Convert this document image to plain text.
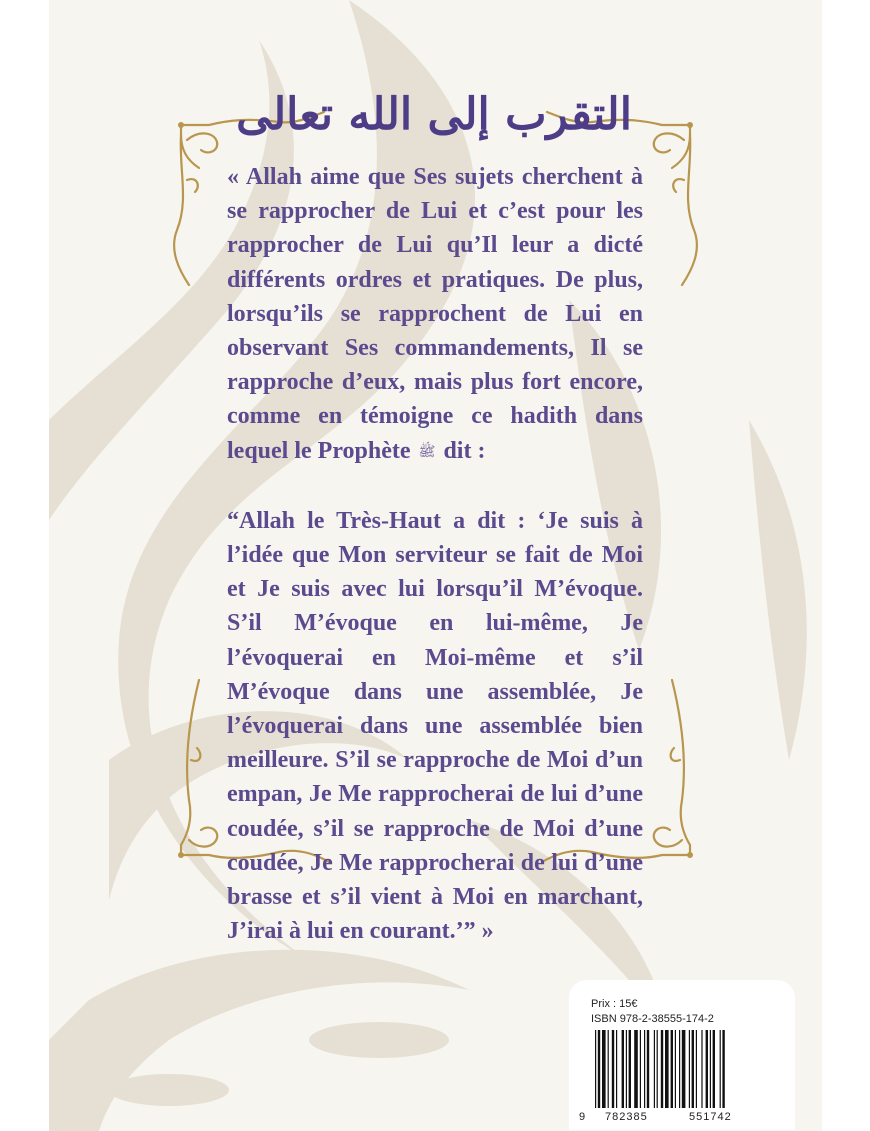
التقرب إلى الله تعالى

« Allah aime que Ses sujets cherchent à se rapprocher de Lui et c’est pour les rapprocher de Lui qu’Il leur a dicté différents ordres et pratiques. De plus, lorsqu’ils se rapprochent de Lui en observant Ses commandements, Il se rapproche d’eux, mais plus fort encore, comme en témoigne ce hadith dans lequel le Prophète ﷺ dit :

“Allah le Très-Haut a dit : ‘Je suis à l’idée que Mon serviteur se fait de Moi et Je suis avec lui lorsqu’il M’évoque. S’il M’évoque en lui-même, Je l’évoquerai en Moi-même et s’il M’évoque dans une assemblée, Je l’évoquerai dans une assemblée bien meilleure. S’il se rapproche de Moi d’un empan, Je Me rapprocherai de lui d’une coudée, s’il se rapproche de Moi d’une coudée, Je Me rapprocherai de lui d’une brasse et s’il vient à Moi en marchant, J’irai à lui en courant.’” »

Prix : 15€
ISBN 978-2-38555-174-2
9 782385	551742
